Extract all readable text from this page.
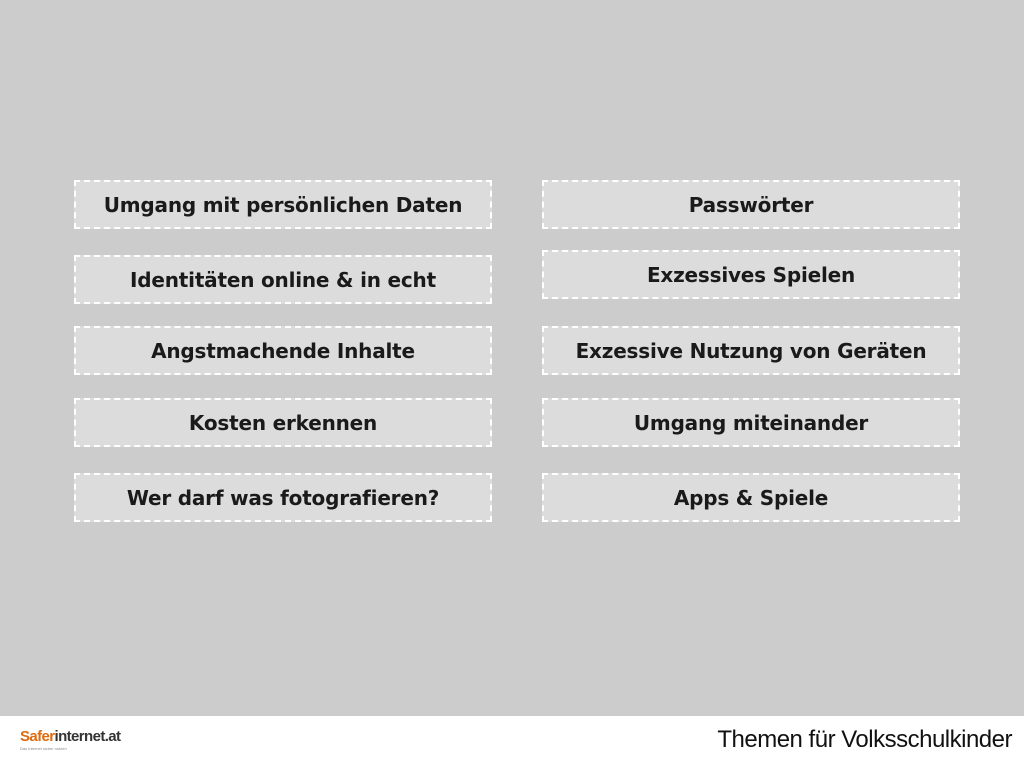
Umgang mit persönlichen Daten
Identitäten online & in echt
Angstmachende Inhalte
Kosten erkennen
Wer darf was fotografieren?
Passwörter
Exzessives Spielen
Exzessive Nutzung von Geräten
Umgang miteinander
Apps & Spiele
Saferinternet.at
Das Internet sicher nutzen	Themen für Volksschulkinder
